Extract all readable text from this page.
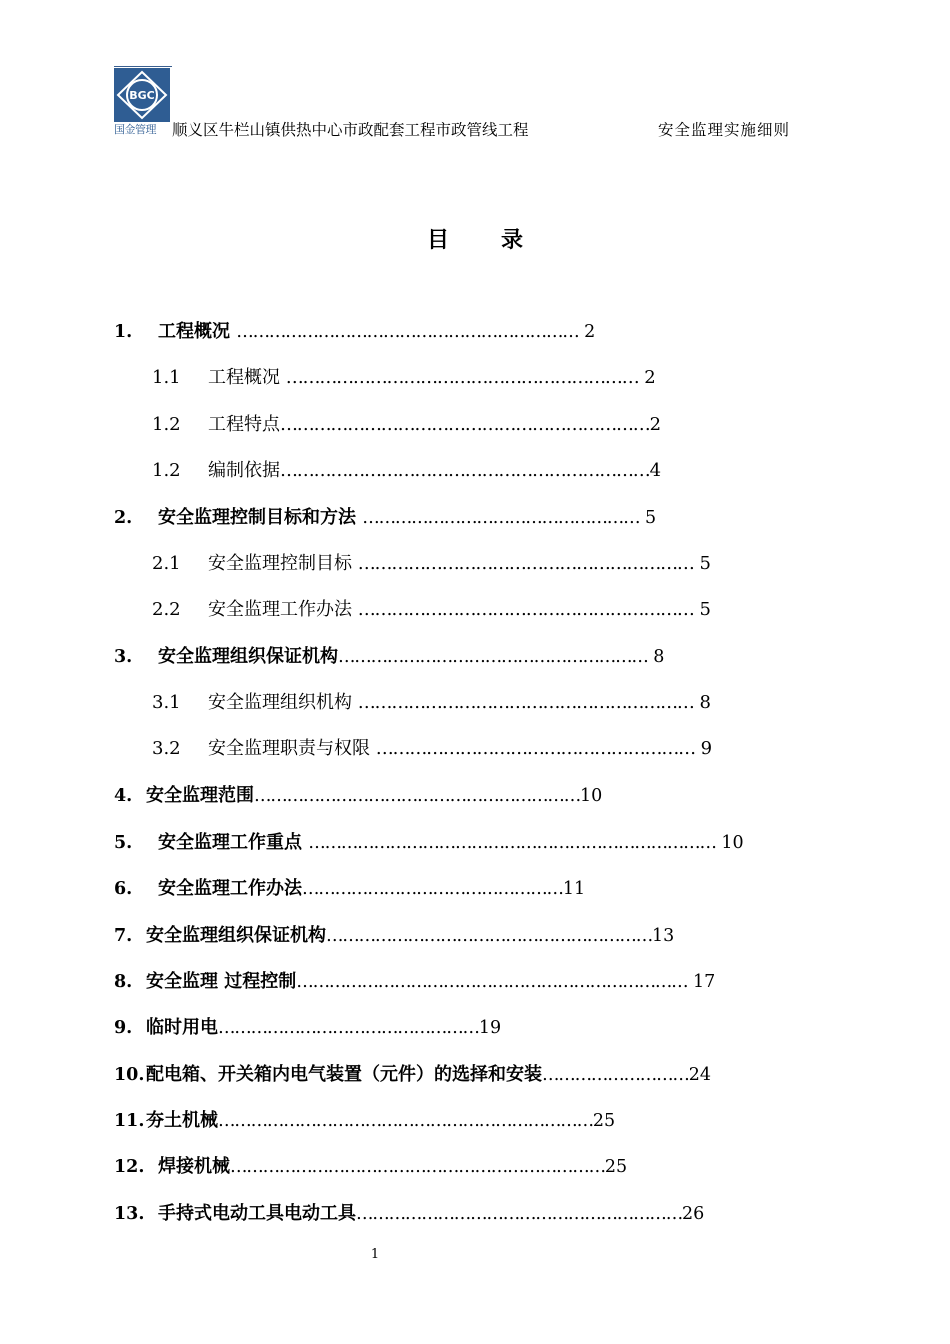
BGC
国金管理	顺义区牛栏山镇供热中心市政配套工程市政管线工程	安全监理实施细则
目 录
1. 工程概况 ……………………………………………………… 2
1.1 工程概况 ……………………………………………………… 2
1.2 工程特点…………………………………………………………2
1.2 编制依据…………………………………………………………4
2. 安全监理控制目标和方法 …………………………………………… 5
2.1 安全监理控制目标 …………………………………………………… 5
2.2 安全监理工作办法 …………………………………………………… 5
3. 安全监理组织保证机构………………………………………………… 8
3.1 安全监理组织机构 …………………………………………………… 8
3.2 安全监理职责与权限 ………………………………………………… 9
4. 安全监理范围……………………………………………………10
5. 安全监理工作重点 ………………………………………………………………… 10
6. 安全监理工作办法…………………………………………11
7. 安全监理组织保证机构……………………………………………………13
8. 安全监理 过程控制……………………………………………………………… 17
9. 临时用电…………………………………………19
10.配电箱、开关箱内电气装置（元件）的选择和安装………………………24
11.夯土机械……………………………………………………………25
12. 焊接机械……………………………………………………………25
13. 手持式电动工具电动工具……………………………………………………26
1
